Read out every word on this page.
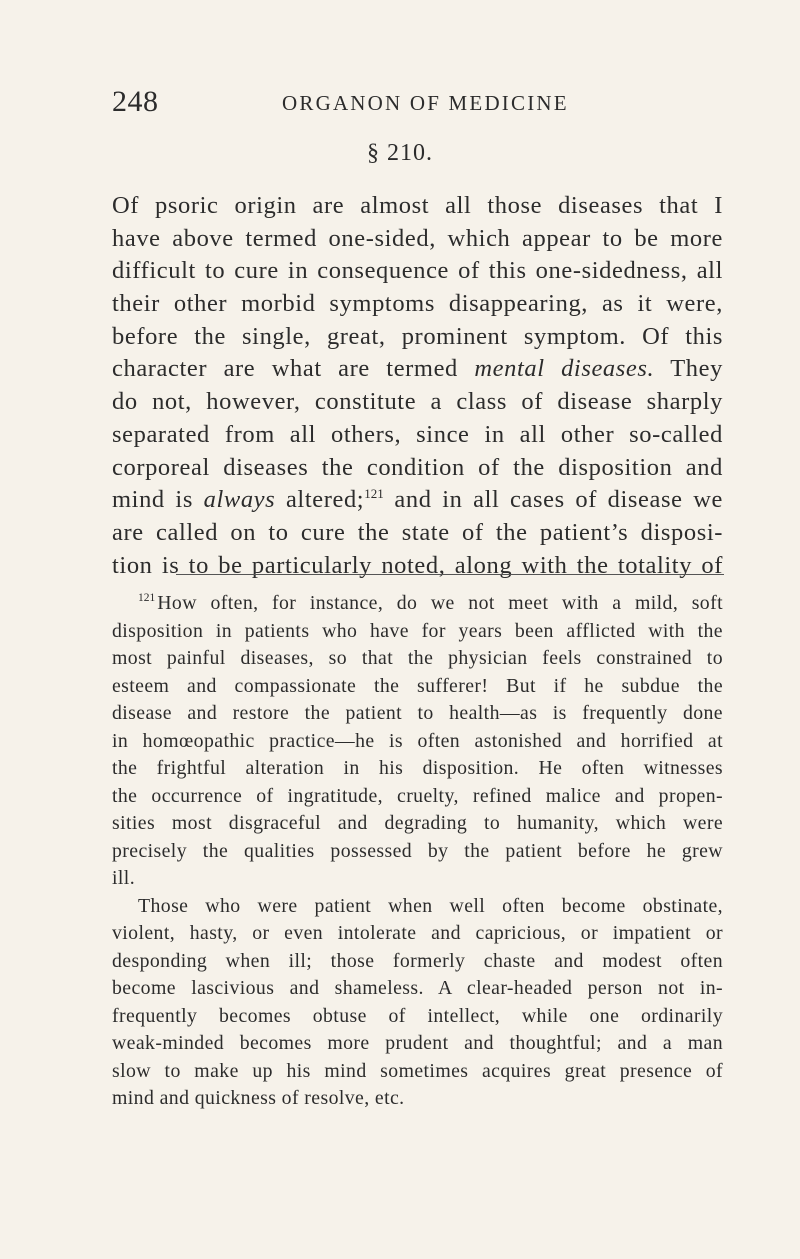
248	ORGANON OF MEDICINE
§ 210.
Of psoric origin are almost all those diseases that I
have above termed one-sided, which appear to be more
difficult to cure in consequence of this one-sidedness, all
their other morbid symptoms disappearing, as it were,
before the single, great, prominent symptom. Of this
character are what are termed mental diseases. They
do not, however, constitute a class of disease sharply
separated from all others, since in all other so-called
corporeal diseases the condition of the disposition and
mind is always altered;$^{121}$ and in all cases of disease we
are called on to cure the state of the patient’s disposi-
tion is to be particularly noted, along with the totality of
$^{121}$ How often, for instance, do we not meet with a mild, soft
disposition in patients who have for years been afflicted with the
most painful diseases, so that the physician feels constrained to
esteem and compassionate the sufferer! But if he subdue the
disease and restore the patient to health—as is frequently done
in homœopathic practice—he is often astonished and horrified at
the frightful alteration in his disposition. He often witnesses
the occurrence of ingratitude, cruelty, refined malice and propen-
sities most disgraceful and degrading to humanity, which were
precisely the qualities possessed by the patient before he grew
ill.
Those who were patient when well often become obstinate,
violent, hasty, or even intolerate and capricious, or impatient or
desponding when ill; those formerly chaste and modest often
become lascivious and shameless. A clear-headed person not in-
frequently becomes obtuse of intellect, while one ordinarily
weak-minded becomes more prudent and thoughtful; and a man
slow to make up his mind sometimes acquires great presence of
mind and quickness of resolve, etc.
